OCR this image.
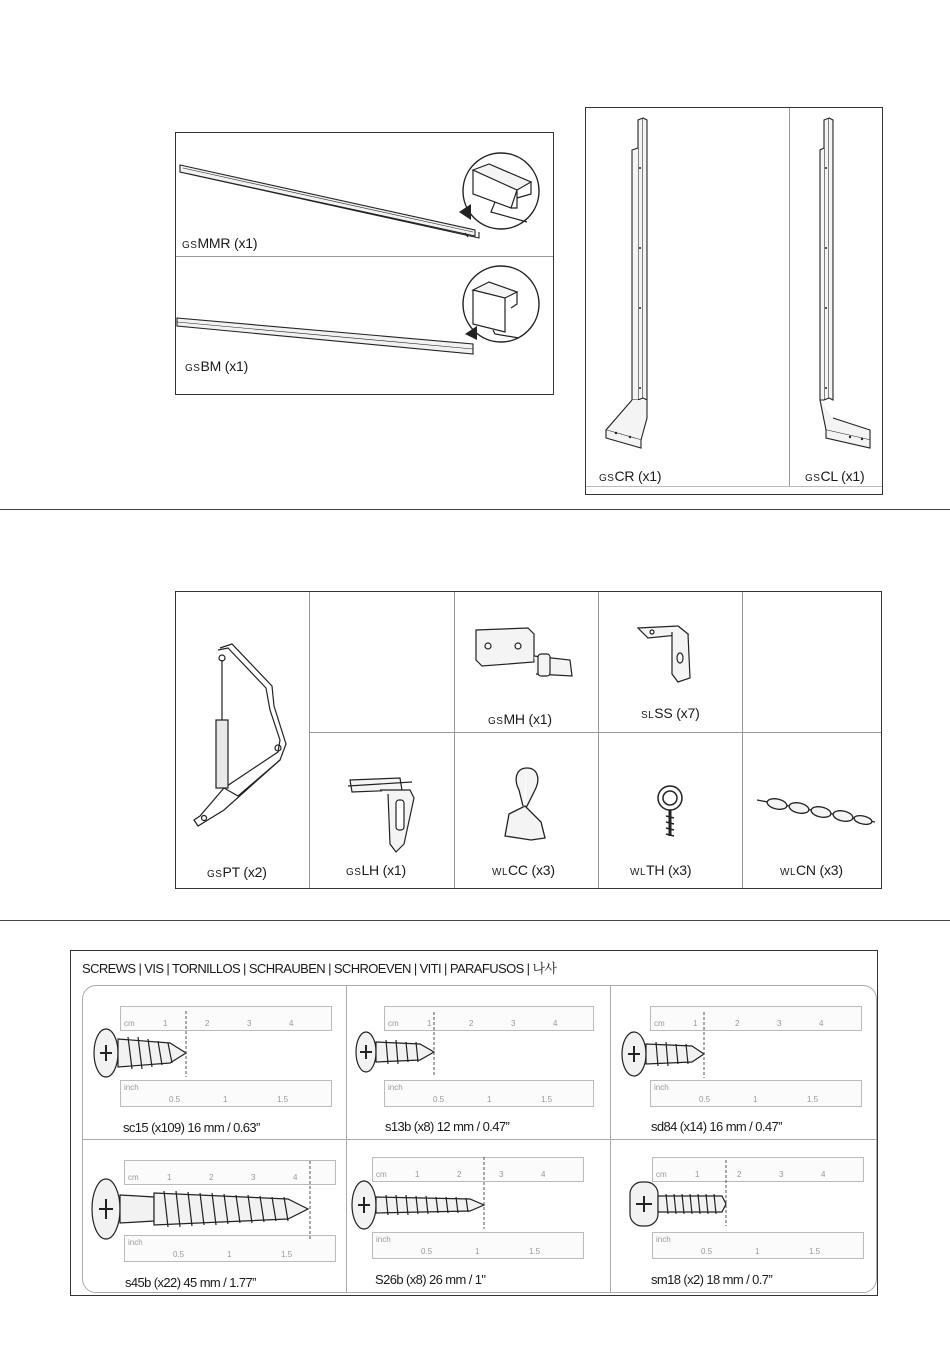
GSMMR (x1)
GSBM (x1)
GSCR (x1)	GSCL (x1)
GSPT (x2)
GSMH (x1)	SLSS (x7)
GSLH (x1)	WLCC (x3)	WLTH (x3)	WLCN (x3)
SCREWS | VIS | TORNILLOS | SCHRAUBEN | SCHROEVEN | VITI | PARAFUSOS | 나사
cm	1	2	3	4
inch
0.5	1	1.5
cm	1	2	3	4
inch
0.5	1	1.5
cm	1	2	3	4
inch
0.5	1	1.5
cm	1	2	3	4
inch
0.5	1	1.5
cm	1	2	3	4
inch
0.5	1	1.5
cm	1	2	3	4
inch
0.5	1	1.5
sc15 (x109) 16 mm / 0.63”	s13b (x8) 12 mm / 0.47”	sd84 (x14) 16 mm / 0.47”
s45b (x22) 45 mm / 1.77”	S26b (x8) 26 mm / 1"	sm18 (x2) 18 mm / 0.7”
